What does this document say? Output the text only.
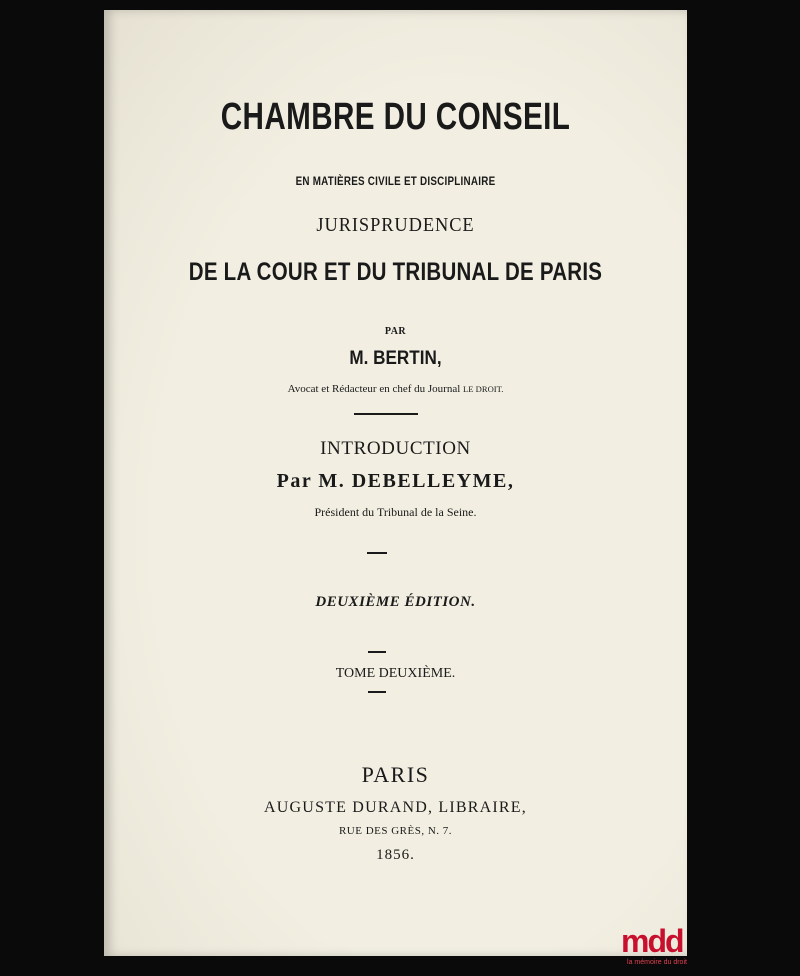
CHAMBRE DU CONSEIL
EN MATIÈRES CIVILE ET DISCIPLINAIRE
JURISPRUDENCE
DE LA COUR ET DU TRIBUNAL DE PARIS
PAR
M. BERTIN,
Avocat et Rédacteur en chef du Journal LE DROIT.
INTRODUCTION
Par M. DEBELLEYME,
Président du Tribunal de la Seine.
DEUXIÈME ÉDITION.
TOME DEUXIÈME.
PARIS
AUGUSTE DURAND, LIBRAIRE,
RUE DES GRÈS, N. 7.
1856.
mdd
la mémoire du droit
